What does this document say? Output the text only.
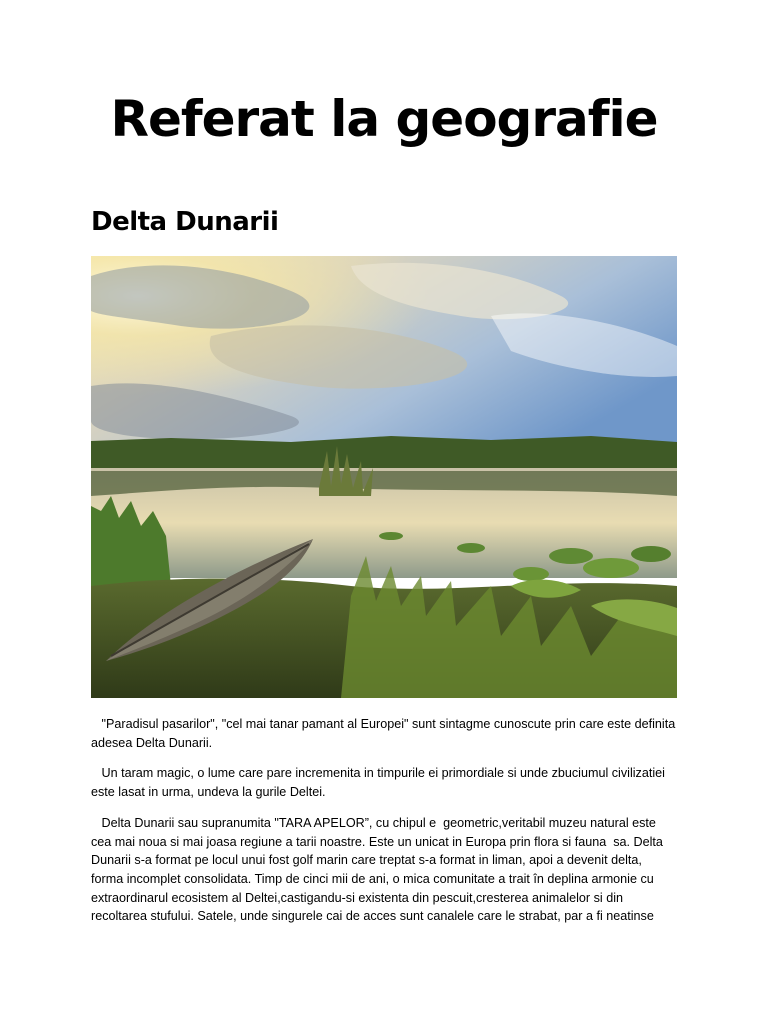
Referat la geografie
Delta Dunarii

"Paradisul pasarilor", "cel mai tanar pamant al Europei" sunt sintagme cunoscute prin care este definita adesea Delta Dunarii.

Un taram magic, o lume care pare incremenita in timpurile ei primordiale si unde zbuciumul civilizatiei este lasat in urma, undeva la gurile Deltei.

Delta Dunarii sau supranumita "TARA APELOR”, cu chipul e  geometric,veritabil muzeu natural este cea mai noua si mai joasa regiune a tarii noastre. Este un unicat in Europa prin flora si fauna  sa. Delta Dunarii s-a format pe locul unui fost golf marin care treptat s-a format in liman, apoi a devenit delta, forma incomplet consolidata. Timp de cinci mii de ani, o mica comunitate a trait în deplina armonie cu extraordinarul ecosistem al Deltei,castigandu-si existenta din pescuit,cresterea animalelor si din recoltarea stufului. Satele, unde singurele cai de acces sunt canalele care le strabat, par a fi neatinse
